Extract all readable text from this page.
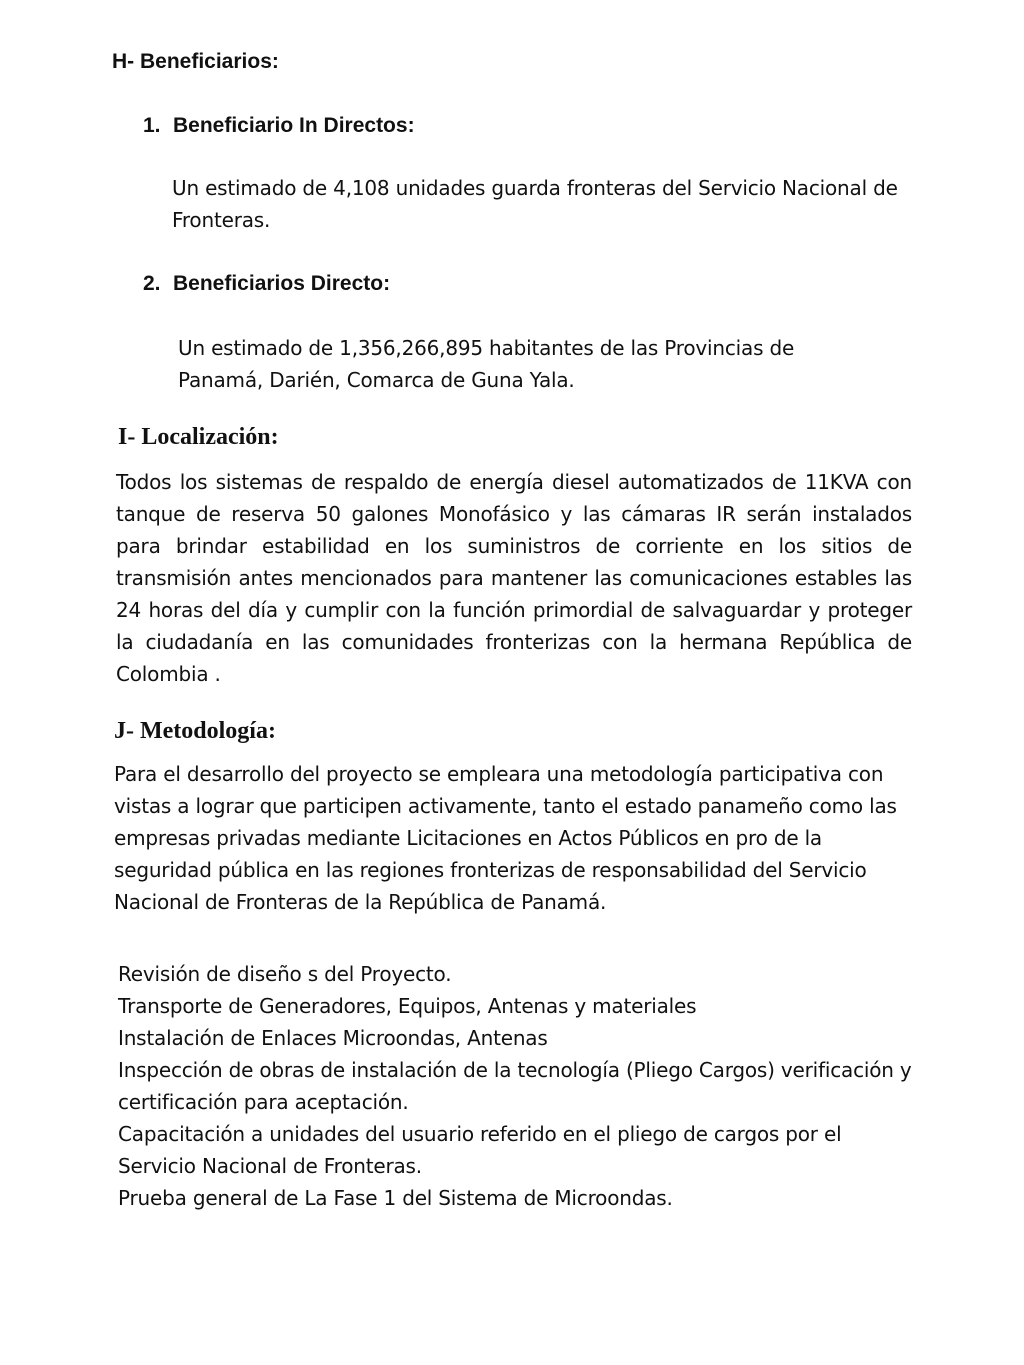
H- Beneficiarios:
1. Beneficiario In Directos:

Un estimado de 4,108 unidades guarda fronteras del Servicio Nacional de Fronteras.

2. Beneficiarios Directo:

Un estimado de 1,356,266,895 habitantes de las Provincias de Panamá, Darién, Comarca de Guna Yala.

I- Localización:

Todos los sistemas de respaldo de energía diesel automatizados de 11KVA con tanque de reserva 50 galones Monofásico y las cámaras IR serán instalados para brindar estabilidad en los suministros de corriente en los sitios de transmisión antes mencionados para mantener las comunicaciones estables las 24 horas del día y cumplir con la función primordial de salvaguardar y proteger la ciudadanía en las comunidades fronterizas con la hermana República de Colombia .

J- Metodología:

Para el desarrollo del proyecto se empleara una metodología participativa con vistas a lograr que participen activamente, tanto el estado panameño como las empresas privadas mediante Licitaciones en Actos Públicos en pro de la seguridad pública en las regiones fronterizas de responsabilidad del Servicio Nacional de Fronteras de la República de Panamá.

Revisión de diseño s del Proyecto.
Transporte de Generadores, Equipos, Antenas y materiales
Instalación de Enlaces Microondas, Antenas
Inspección de obras de instalación de la tecnología (Pliego Cargos) verificación y certificación para aceptación.
Capacitación a unidades del usuario referido en el pliego de cargos por el Servicio Nacional de Fronteras.
Prueba general de La Fase 1 del Sistema de Microondas.
